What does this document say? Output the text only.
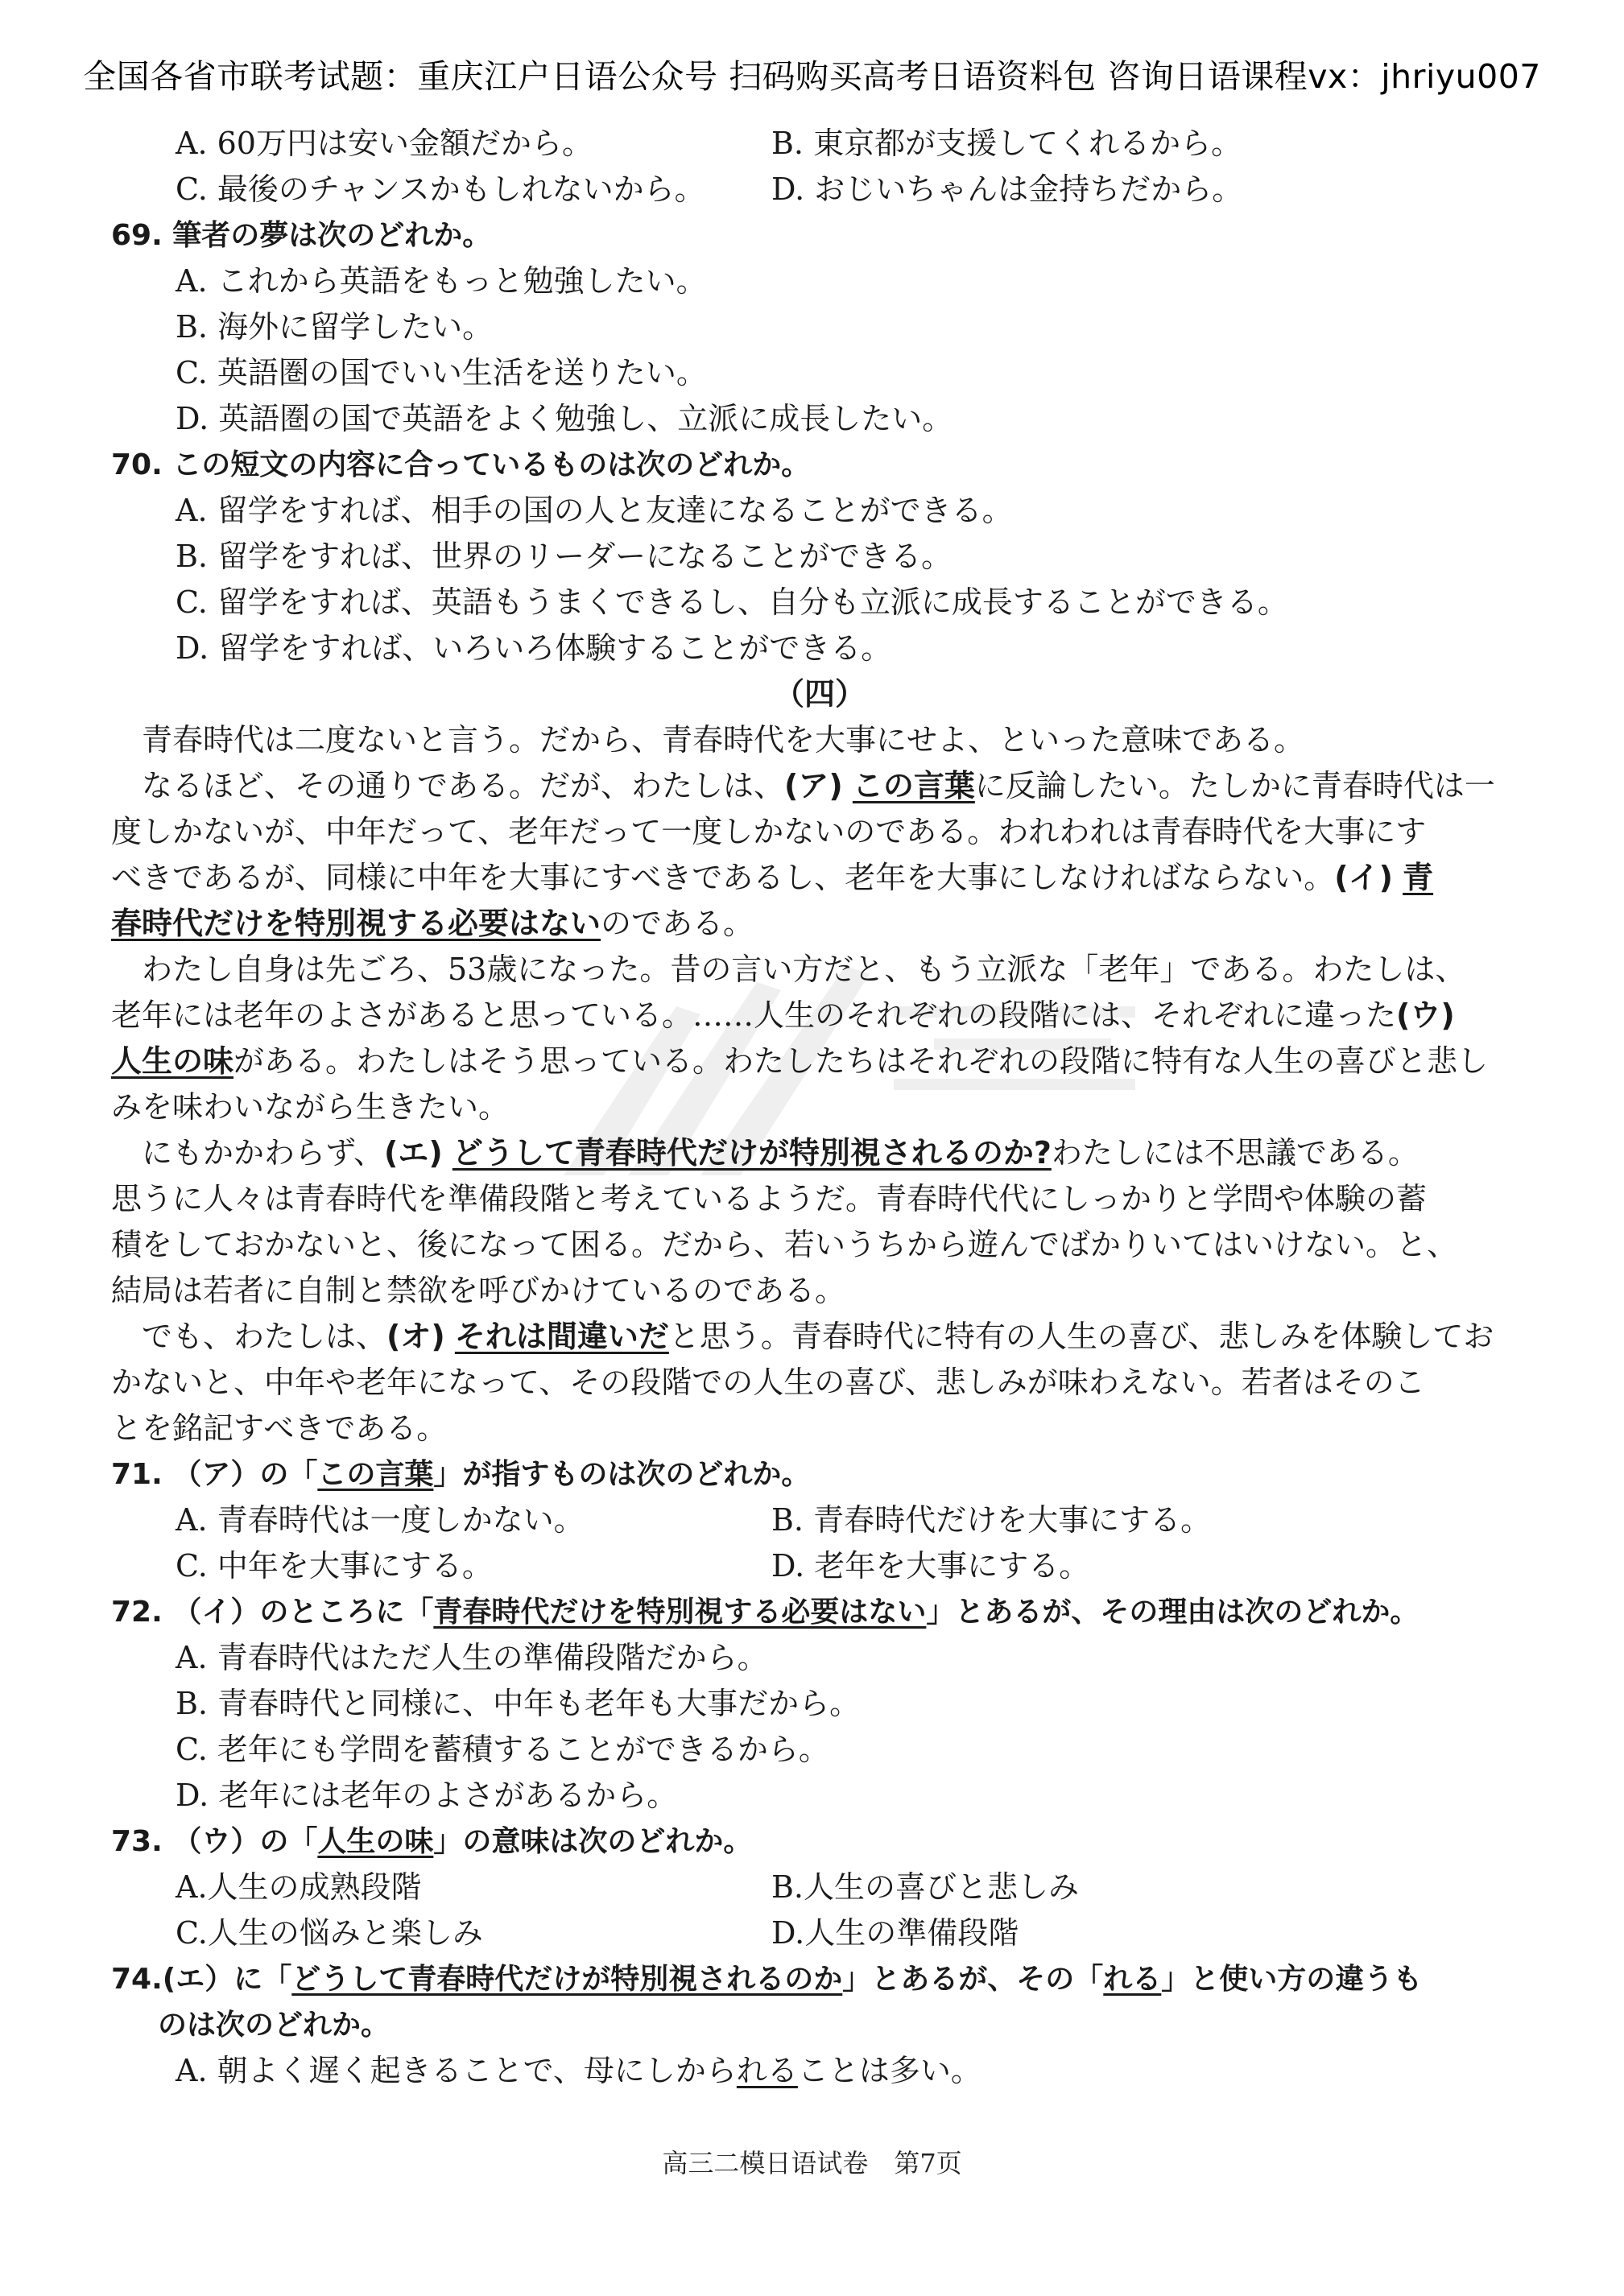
全国各省市联考试题：重庆江户日语公众号 扫码购买高考日语资料包 咨询日语课程vx：jhriyu007
A. 60万円は安い金額だから。	B. 東京都が支援してくれるから。
C. 最後のチャンスかもしれないから。	D. おじいちゃんは金持ちだから。
69. 筆者の夢は次のどれか。
A. これから英語をもっと勉強したい。
B. 海外に留学したい。
C. 英語圏の国でいい生活を送りたい。
D. 英語圏の国で英語をよく勉強し、立派に成長したい。
70. この短文の内容に合っているものは次のどれか。
A. 留学をすれば、相手の国の人と友達になることができる。
B. 留学をすれば、世界のリーダーになることができる。
C. 留学をすれば、英語もうまくできるし、自分も立派に成長することができる。
D. 留学をすれば、いろいろ体験することができる。
（四）
青春時代は二度ないと言う。だから、青春時代を大事にせよ、といった意味である。
なるほど、その通りである。だが、わたしは、(ア) この言葉に反論したい。たしかに青春時代は一
度しかないが、中年だって、老年だって一度しかないのである。われわれは青春時代を大事にす
べきであるが、同様に中年を大事にすべきであるし、老年を大事にしなければならない。(イ) 青
春時代だけを特別視する必要はないのである。
わたし自身は先ごろ、53歳になった。昔の言い方だと、もう立派な「老年」である。わたしは、
老年には老年のよさがあると思っている。……人生のそれぞれの段階には、それぞれに違った(ウ)
人生の味がある。わたしはそう思っている。わたしたちはそれぞれの段階に特有な人生の喜びと悲し
みを味わいながら生きたい。
にもかかわらず、(エ) どうして青春時代だけが特別視されるのか?わたしには不思議である。
思うに人々は青春時代を準備段階と考えているようだ。青春時代代にしっかりと学問や体験の蓄
積をしておかないと、後になって困る。だから、若いうちから遊んでばかりいてはいけない。と、
結局は若者に自制と禁欲を呼びかけているのである。
でも、わたしは、(オ) それは間違いだと思う。青春時代に特有の人生の喜び、悲しみを体験してお
かないと、中年や老年になって、その段階での人生の喜び、悲しみが味わえない。若者はそのこ
とを銘記すべきである。
71. （ア）の「この言葉」が指すものは次のどれか。
A. 青春時代は一度しかない。	B. 青春時代だけを大事にする。
C. 中年を大事にする。	D. 老年を大事にする。
72. （イ）のところに「青春時代だけを特別視する必要はない」とあるが、その理由は次のどれか。
A. 青春時代はただ人生の準備段階だから。
B. 青春時代と同様に、中年も老年も大事だから。
C. 老年にも学問を蓄積することができるから。
D. 老年には老年のよさがあるから。
73. （ウ）の「人生の味」の意味は次のどれか。
A.人生の成熟段階	B.人生の喜びと悲しみ
C.人生の悩みと楽しみ	D.人生の準備段階
74.(エ）に「どうして青春時代だけが特別視されるのか」とあるが、その「れる」と使い方の違うも
のは次のどれか。
A. 朝よく遅く起きることで、母にしかられることは多い。
高三二模日语试卷　第7页
